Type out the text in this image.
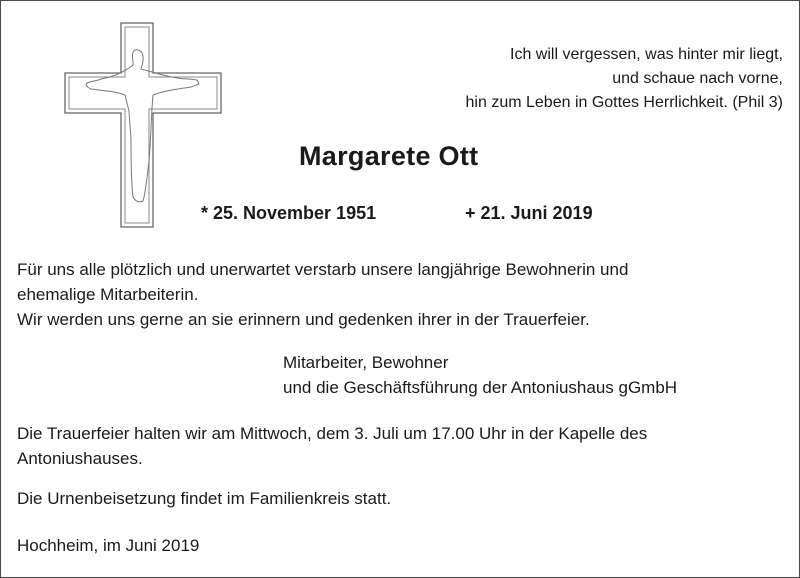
Ich will vergessen, was hinter mir liegt,
und schaue nach vorne,
hin zum Leben in Gottes Herrlichkeit. (Phil 3)

Margarete Ott

* 25. November 1951	+ 21. Juni 2019

Für uns alle plötzlich und unerwartet verstarb unsere langjährige Bewohnerin und
ehemalige Mitarbeiterin.
Wir werden uns gerne an sie erinnern und gedenken ihrer in der Trauerfeier.

Mitarbeiter, Bewohner
und die Geschäftsführung der Antoniushaus gGmbH

Die Trauerfeier halten wir am Mittwoch, dem 3. Juli um 17.00 Uhr in der Kapelle des
Antoniushauses.

Die Urnenbeisetzung findet im Familienkreis statt.

Hochheim, im Juni 2019
